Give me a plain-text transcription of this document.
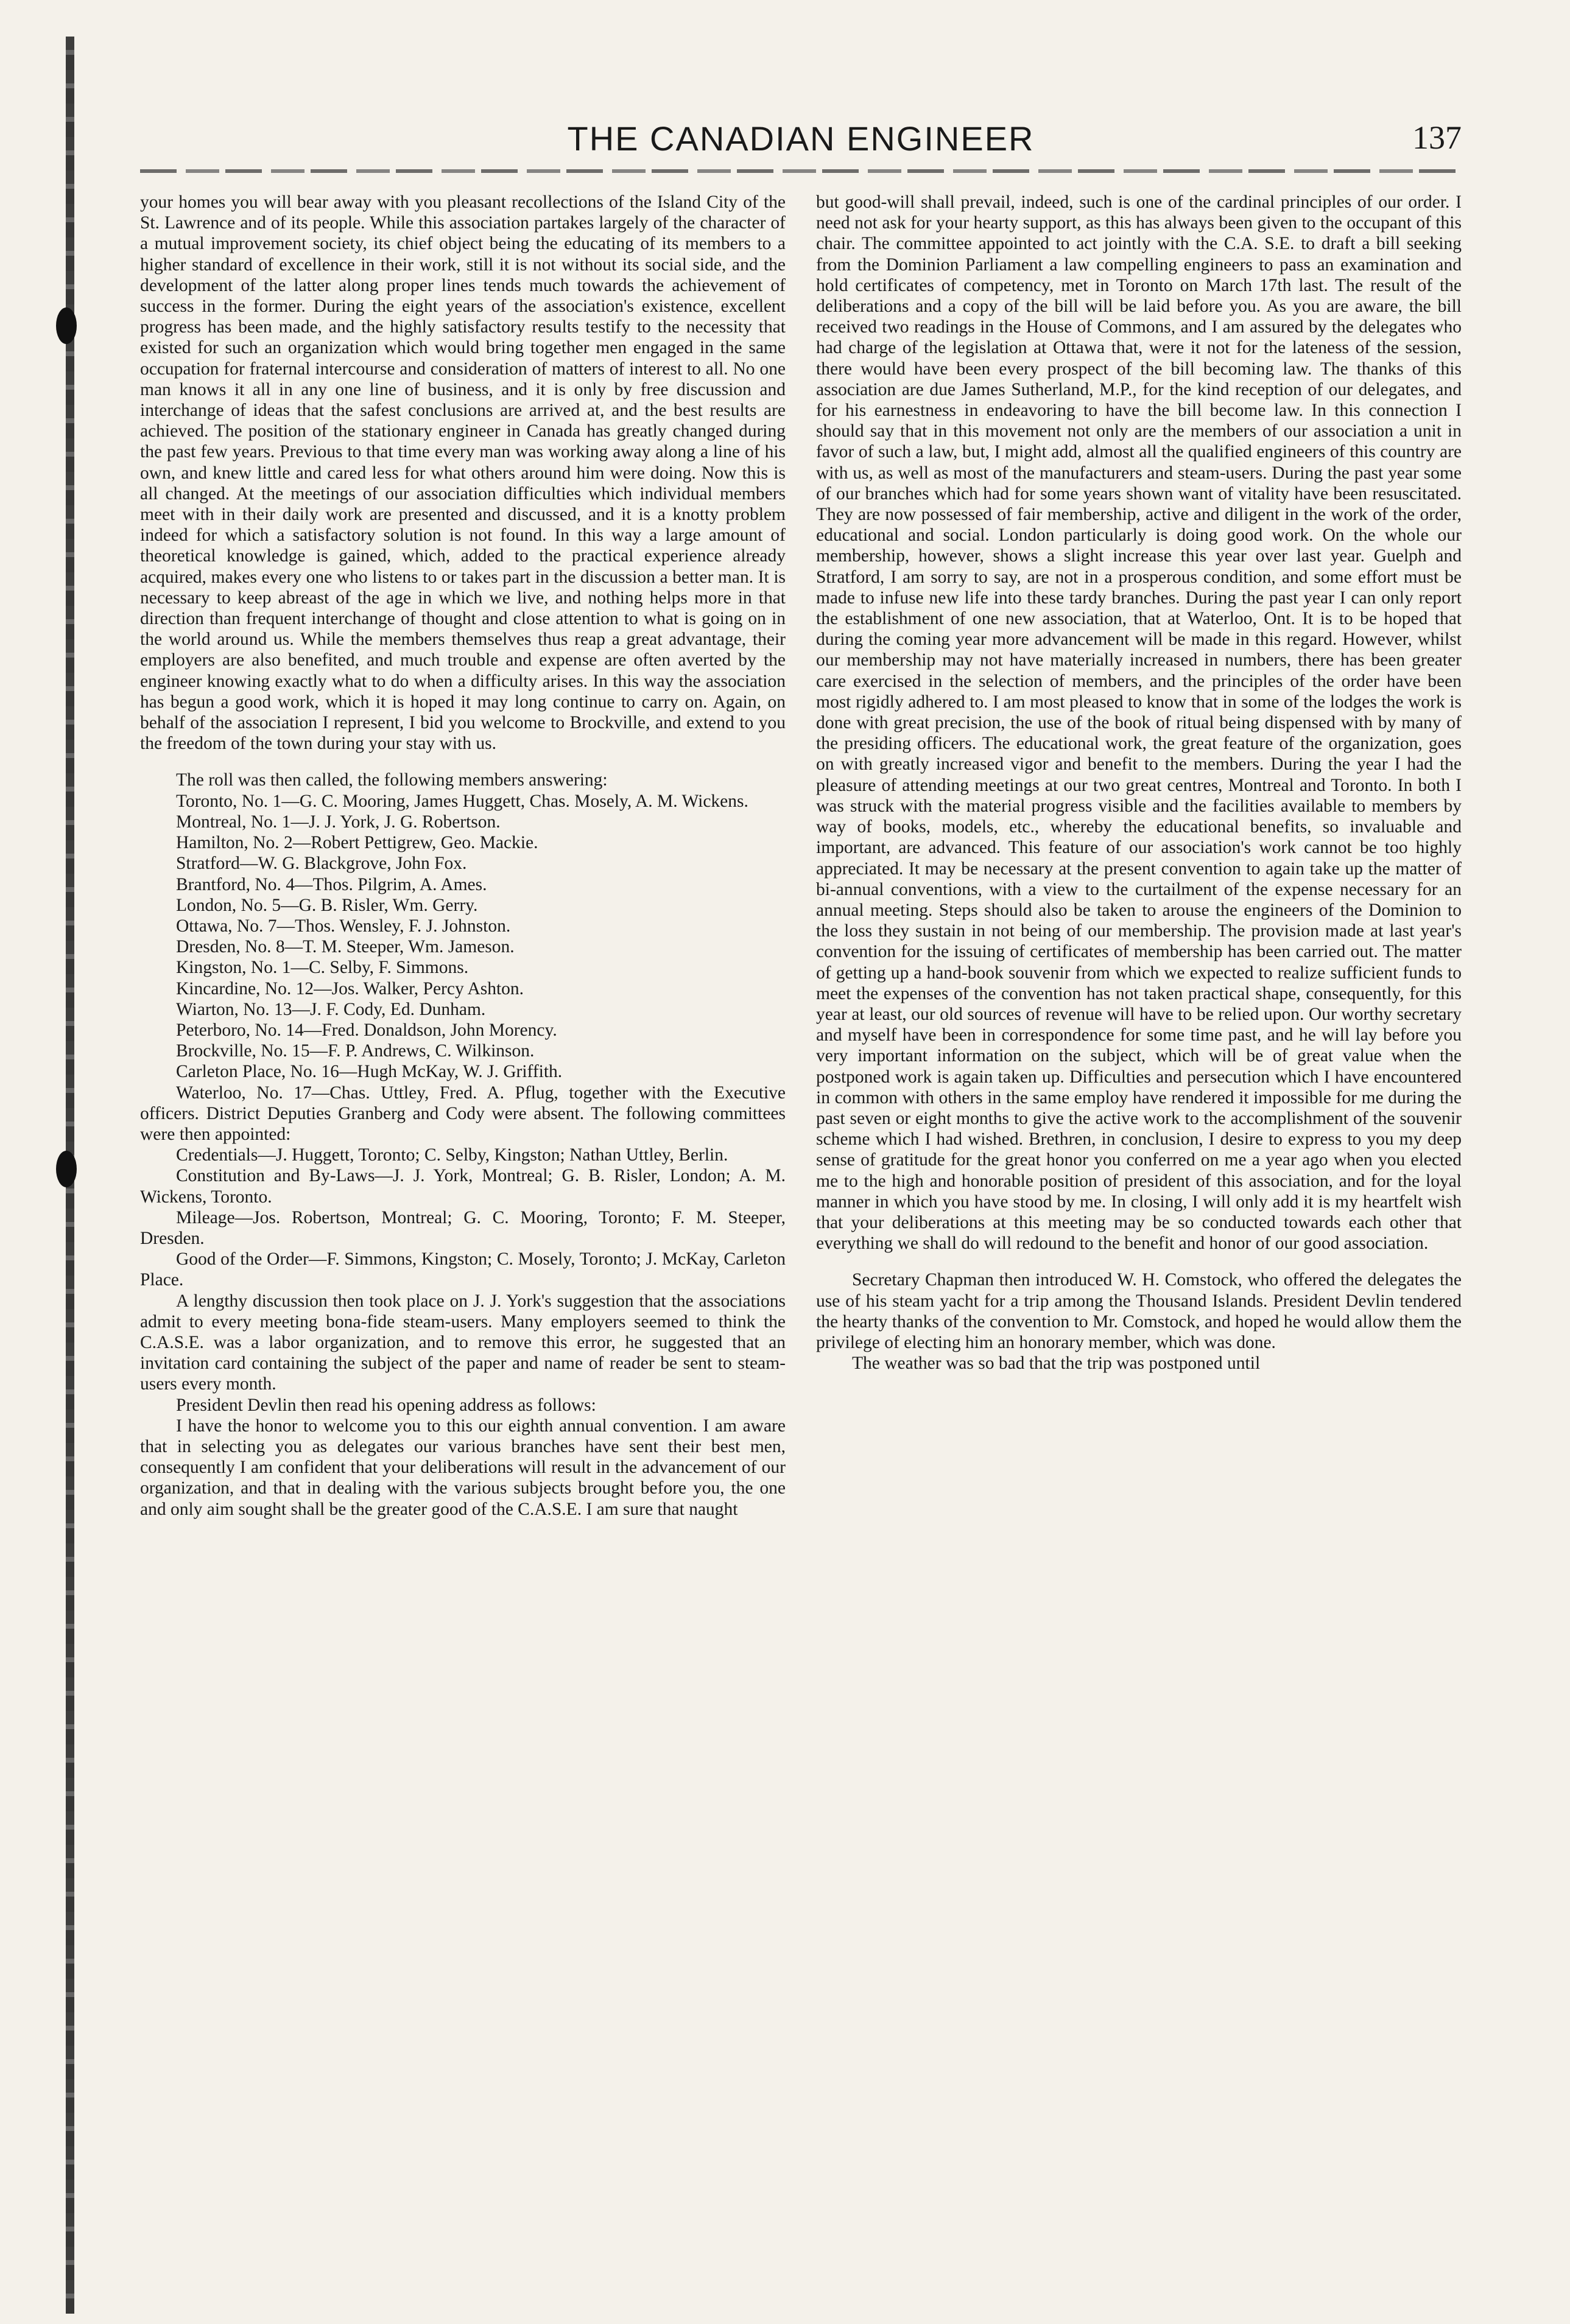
THE CANADIAN ENGINEER	137

your homes you will bear away with you pleasant recollections of the Island City of the St. Lawrence and of its people. While this association partakes largely of the character of a mutual improvement society, its chief object being the educating of its members to a higher standard of excellence in their work, still it is not without its social side, and the development of the latter along proper lines tends much towards the achievement of success in the former. During the eight years of the association's existence, excellent progress has been made, and the highly satisfactory results testify to the necessity that existed for such an organization which would bring together men engaged in the same occupation for fraternal intercourse and consideration of matters of interest to all. No one man knows it all in any one line of business, and it is only by free discussion and interchange of ideas that the safest conclusions are arrived at, and the best results are achieved. The position of the stationary engineer in Canada has greatly changed during the past few years. Previous to that time every man was working away along a line of his own, and knew little and cared less for what others around him were doing. Now this is all changed. At the meetings of our association difficulties which individual members meet with in their daily work are presented and discussed, and it is a knotty problem indeed for which a satisfactory solution is not found. In this way a large amount of theoretical knowledge is gained, which, added to the practical experience already acquired, makes every one who listens to or takes part in the discussion a better man. It is necessary to keep abreast of the age in which we live, and nothing helps more in that direction than frequent interchange of thought and close attention to what is going on in the world around us. While the members themselves thus reap a great advantage, their employers are also benefited, and much trouble and expense are often averted by the engineer knowing exactly what to do when a difficulty arises. In this way the association has begun a good work, which it is hoped it may long continue to carry on. Again, on behalf of the association I represent, I bid you welcome to Brockville, and extend to you the freedom of the town during your stay with us.

The roll was then called, the following members answering:

Toronto, No. 1—G. C. Mooring, James Huggett, Chas. Mosely, A. M. Wickens.

Montreal, No. 1—J. J. York, J. G. Robertson.

Hamilton, No. 2—Robert Pettigrew, Geo. Mackie.

Stratford—W. G. Blackgrove, John Fox.

Brantford, No. 4—Thos. Pilgrim, A. Ames.

London, No. 5—G. B. Risler, Wm. Gerry.

Ottawa, No. 7—Thos. Wensley, F. J. Johnston.

Dresden, No. 8—T. M. Steeper, Wm. Jameson.

Kingston, No. 1—C. Selby, F. Simmons.

Kincardine, No. 12—Jos. Walker, Percy Ashton.

Wiarton, No. 13—J. F. Cody, Ed. Dunham.

Peterboro, No. 14—Fred. Donaldson, John Morency.

Brockville, No. 15—F. P. Andrews, C. Wilkinson.

Carleton Place, No. 16—Hugh McKay, W. J. Griffith.

Waterloo, No. 17—Chas. Uttley, Fred. A. Pflug, together with the Executive officers. District Deputies Granberg and Cody were absent. The following committees were then appointed:

Credentials—J. Huggett, Toronto; C. Selby, Kingston; Nathan Uttley, Berlin.

Constitution and By-Laws—J. J. York, Montreal; G. B. Risler, London; A. M. Wickens, Toronto.

Mileage—Jos. Robertson, Montreal; G. C. Mooring, Toronto; F. M. Steeper, Dresden.

Good of the Order—F. Simmons, Kingston; C. Mosely, Toronto; J. McKay, Carleton Place.

A lengthy discussion then took place on J. J. York's suggestion that the associations admit to every meeting bona-fide steam-users. Many employers seemed to think the C.A.S.E. was a labor organization, and to remove this error, he suggested that an invitation card containing the subject of the paper and name of reader be sent to steam-users every month.

President Devlin then read his opening address as follows:

I have the honor to welcome you to this our eighth annual convention. I am aware that in selecting you as delegates our various branches have sent their best men, consequently I am confident that your deliberations will result in the advancement of our organization, and that in dealing with the various subjects brought before you, the one and only aim sought shall be the greater good of the C.A.S.E. I am sure that naught

but good-will shall prevail, indeed, such is one of the cardinal principles of our order. I need not ask for your hearty support, as this has always been given to the occupant of this chair. The committee appointed to act jointly with the C.A. S.E. to draft a bill seeking from the Dominion Parliament a law compelling engineers to pass an examination and hold certificates of competency, met in Toronto on March 17th last. The result of the deliberations and a copy of the bill will be laid before you. As you are aware, the bill received two readings in the House of Commons, and I am assured by the delegates who had charge of the legislation at Ottawa that, were it not for the lateness of the session, there would have been every prospect of the bill becoming law. The thanks of this association are due James Sutherland, M.P., for the kind reception of our delegates, and for his earnestness in endeavoring to have the bill become law. In this connection I should say that in this movement not only are the members of our association a unit in favor of such a law, but, I might add, almost all the qualified engineers of this country are with us, as well as most of the manufacturers and steam-users. During the past year some of our branches which had for some years shown want of vitality have been resuscitated. They are now possessed of fair membership, active and diligent in the work of the order, educational and social. London particularly is doing good work. On the whole our membership, however, shows a slight increase this year over last year. Guelph and Stratford, I am sorry to say, are not in a prosperous condition, and some effort must be made to infuse new life into these tardy branches. During the past year I can only report the establishment of one new association, that at Waterloo, Ont. It is to be hoped that during the coming year more advancement will be made in this regard. However, whilst our membership may not have materially increased in numbers, there has been greater care exercised in the selection of members, and the principles of the order have been most rigidly adhered to. I am most pleased to know that in some of the lodges the work is done with great precision, the use of the book of ritual being dispensed with by many of the presiding officers. The educational work, the great feature of the organization, goes on with greatly increased vigor and benefit to the members. During the year I had the pleasure of attending meetings at our two great centres, Montreal and Toronto. In both I was struck with the material progress visible and the facilities available to members by way of books, models, etc., whereby the educational benefits, so invaluable and important, are advanced. This feature of our association's work cannot be too highly appreciated. It may be necessary at the present convention to again take up the matter of bi-annual conventions, with a view to the curtailment of the expense necessary for an annual meeting. Steps should also be taken to arouse the engineers of the Dominion to the loss they sustain in not being of our membership. The provision made at last year's convention for the issuing of certificates of membership has been carried out. The matter of getting up a hand-book souvenir from which we expected to realize sufficient funds to meet the expenses of the convention has not taken practical shape, consequently, for this year at least, our old sources of revenue will have to be relied upon. Our worthy secretary and myself have been in correspondence for some time past, and he will lay before you very important information on the subject, which will be of great value when the postponed work is again taken up. Difficulties and persecution which I have encountered in common with others in the same employ have rendered it impossible for me during the past seven or eight months to give the active work to the accomplishment of the souvenir scheme which I had wished. Brethren, in conclusion, I desire to express to you my deep sense of gratitude for the great honor you conferred on me a year ago when you elected me to the high and honorable position of president of this association, and for the loyal manner in which you have stood by me. In closing, I will only add it is my heartfelt wish that your deliberations at this meeting may be so conducted towards each other that everything we shall do will redound to the benefit and honor of our good association.

Secretary Chapman then introduced W. H. Comstock, who offered the delegates the use of his steam yacht for a trip among the Thousand Islands. President Devlin tendered the hearty thanks of the convention to Mr. Comstock, and hoped he would allow them the privilege of electing him an honorary member, which was done.

The weather was so bad that the trip was postponed until
